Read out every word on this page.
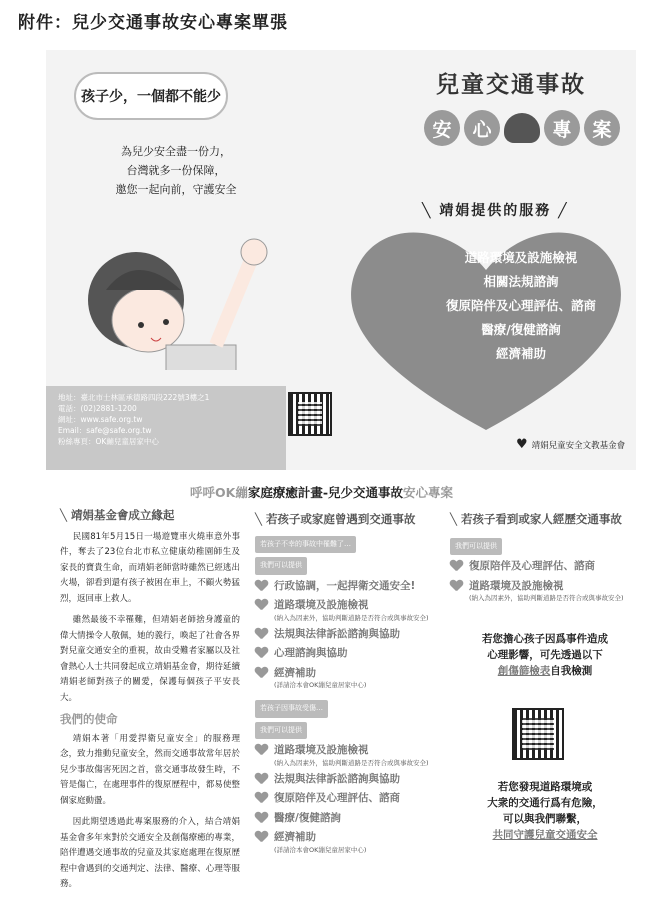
附件：兒少交通事故安心專案單張
孩子少，一個都不能少
為兒少安全盡一份力，
台灣就多一份保障，
邀您一起向前，守護安全
兒童交通事故
安	心	專	案
╲ 靖娟提供的服務 ╱
道路環境及設施檢視
相關法規諮詢
復原陪伴及心理評估、諮商
醫療/復健諮詢
經濟補助
地址：臺北市士林區承德路四段222號3樓之1
電話：(02)2881-1200
網址：www.safe.org.tw
Email：safe@safe.org.tw
粉絲專頁：OK繃兒童居家中心	♥ 靖娟兒童安全文教基金會
呼呼OK繃家庭療癒計畫-兒少交通事故安心專案
╲ 靖娟基金會成立緣起

民國81年5月15日一場遊覽車火燒車意外事件，奪去了23位台北市私立健康幼稚園師生及家長的寶貴生命，而靖娟老師當時雖然已經逃出火場，卻看到還有孩子被困在車上，不顧火勢猛烈，返回車上救人。

雖然最後不幸罹難，但靖娟老師捨身護童的偉大情操令人敬佩，她的義行，喚起了社會各界對兒童交通安全的重視，故由受難者家屬以及社會熱心人士共同發起成立靖娟基金會，期待延續靖娟老師對孩子的關愛，保護每個孩子平安長大。

我們的使命

靖娟本著「用愛捍衛兒童安全」的服務理念，致力推動兒童安全，然而交通事故常年居於兒少事故傷害死因之首，當交通事故發生時，不管是傷亡，在處理事件的復原歷程中，都易使整個家庭動盪。

因此期望透過此專案服務的介入，結合靖娟基金會多年來對於交通安全及創傷療癒的專業，陪伴遭遇交通事故的兒童及其家庭處理在復原歷程中會遇到的交通判定、法律、醫療、心理等服務。

╲ 若孩子或家庭曾遇到交通事故
若孩子不幸的事故中罹難了…
我們可以提供
行政協調，一起捍衛交通安全!
道路環境及設施檢視
(納入為因素外，協助判斷道路是否符合或與事故安全)
法規與法律訴訟諮詢與協助
心理諮詢與協助
經濟補助
(詳請洽本會OK繃兒童居家中心)
若孩子因事故受傷…
我們可以提供
道路環境及設施檢視
(納入為因素外，協助判斷道路是否符合或與事故安全)
法規與法律訴訟諮詢與協助
復原陪伴及心理評估、諮商
醫療/復健諮詢
經濟補助
(詳請洽本會OK繃兒童居家中心)
╲ 若孩子看到或家人經歷交通事故
我們可以提供
復原陪伴及心理評估、諮商
道路環境及設施檢視
(納入為因素外，協助判斷道路是否符合或與事故安全)
若您擔心孩子因爲事件造成
心理影響，可先透過以下
創傷篩檢表自我檢測
若您發現道路環境或
大衆的交通行爲有危險，
可以與我們聯繫，
共同守護兒童交通安全
